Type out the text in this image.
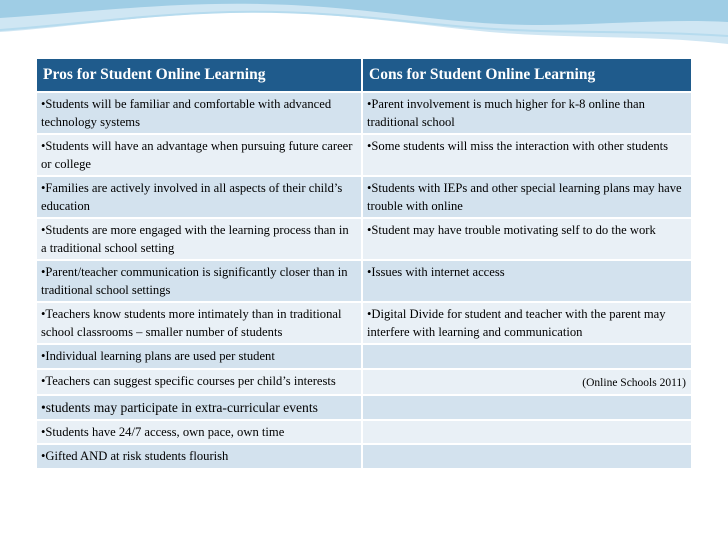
Pros for Student Online Learning	Cons for Student Online Learning
•Students will be familiar and comfortable with advanced technology systems	•Parent involvement is much higher for k-8 online than traditional school
•Students will have an advantage when pursuing future career or college	•Some students will miss the interaction with other students
•Families are actively involved in all aspects of their child’s education	•Students with IEPs and other special learning plans may have trouble with online
•Students are more engaged with the learning process than in a traditional school setting	•Student may have trouble motivating self to do the work
•Parent/teacher communication is significantly closer than in traditional school settings	•Issues with internet access
•Teachers know students more intimately than in traditional school classrooms – smaller number of students	•Digital Divide for student and teacher with the parent may interfere with learning and communication
•Individual learning plans are used per student	
•Teachers can suggest specific courses per child’s interests	(Online Schools 2011)

•students may participate in extra-curricular events	
•Students have 24/7 access, own pace, own time	
•Gifted AND at risk students flourish	
